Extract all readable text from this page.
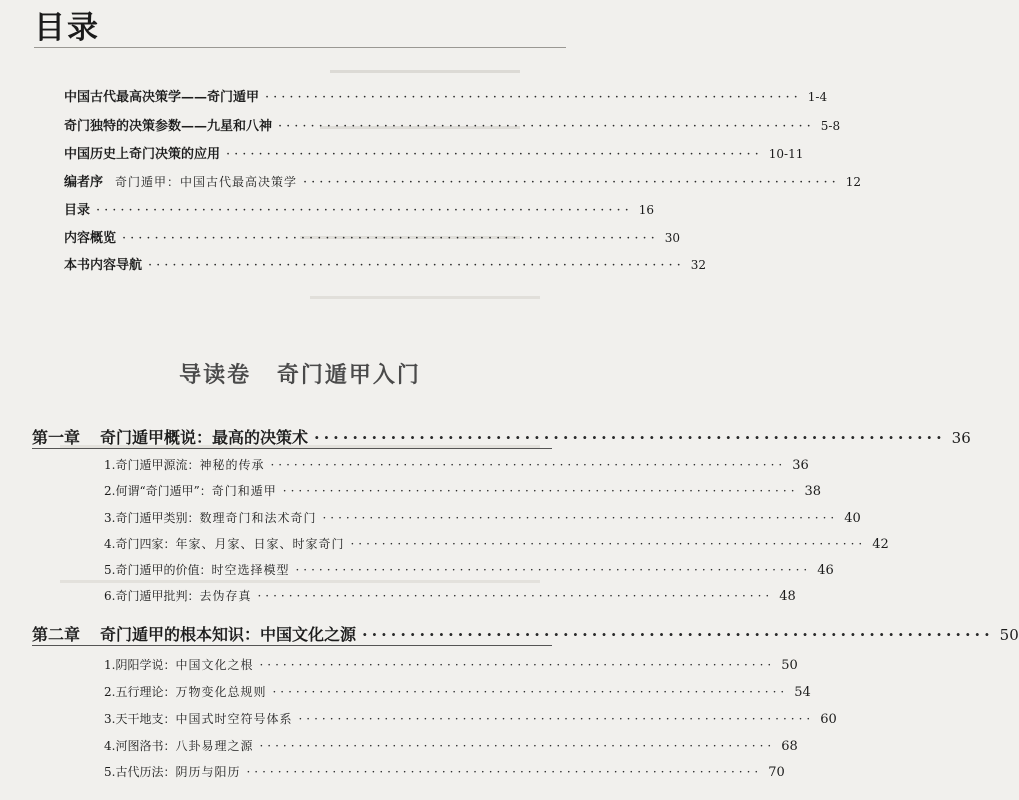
目录
中国古代最高决策学——奇门遁甲 ·································································· 1-4
奇门独特的决策参数——九星和八神 ·································································· 5-8
中国历史上奇门决策的应用 ·································································· 10-11
编者序 奇门遁甲：中国古代最高决策学 ·································································· 12
目录 ·································································· 16
内容概览 ·································································· 30
本书内容导航 ·································································· 32
导读卷 奇门遁甲入门
第一章 奇门遁甲概说：最高的决策术 ·································································· 36
1.奇门遁甲源流：神秘的传承 ·································································· 36
2.何谓“奇门遁甲”：奇门和遁甲 ·································································· 38
3.奇门遁甲类别：数理奇门和法术奇门 ·································································· 40
4.奇门四家：年家、月家、日家、时家奇门 ·································································· 42
5.奇门遁甲的价值：时空选择模型 ·································································· 46
6.奇门遁甲批判：去伪存真 ·································································· 48
第二章 奇门遁甲的根本知识：中国文化之源 ·································································· 50
1.阴阳学说：中国文化之根 ·································································· 50
2.五行理论：万物变化总规则 ·································································· 54
3.天干地支：中国式时空符号体系 ·································································· 60
4.河图洛书：八卦易理之源 ·································································· 68
5.古代历法：阴历与阳历 ·································································· 70
